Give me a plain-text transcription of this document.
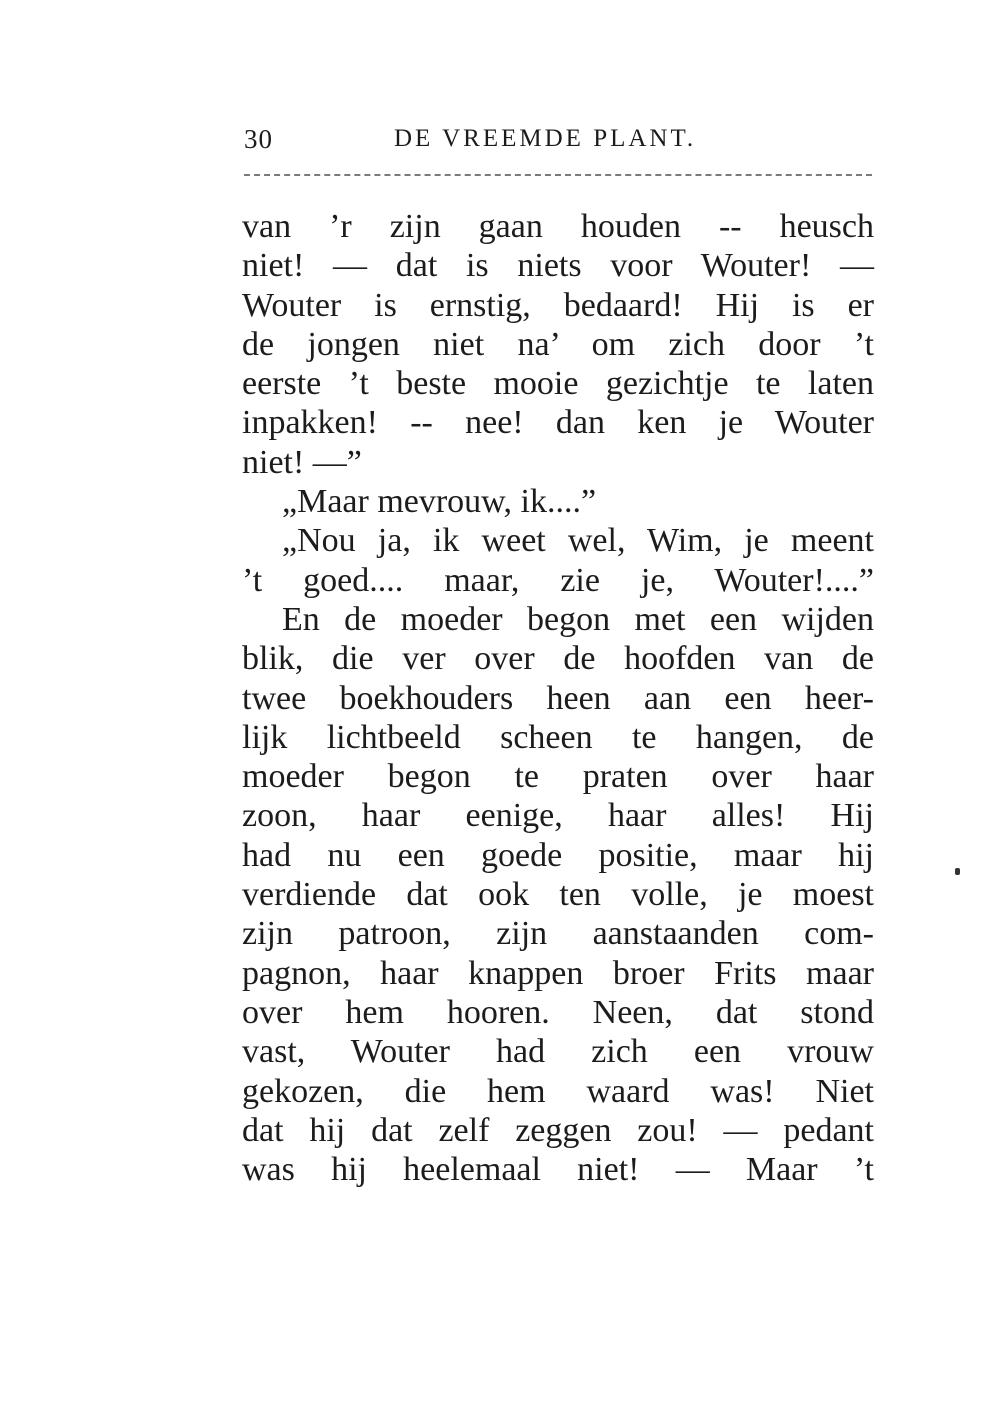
30	DE VREEMDE PLANT.
van ’r zijn gaan houden -- heusch
niet! — dat is niets voor Wouter! —
Wouter is ernstig, bedaard! Hij is er
de jongen niet na’ om zich door ’t
eerste ’t beste mooie gezichtje te laten
inpakken! -- nee! dan ken je Wouter
niet! —”
„Maar mevrouw, ik....”
„Nou ja, ik weet wel, Wim, je meent
’t goed.... maar, zie je, Wouter!....”
En de moeder begon met een wijden
blik, die ver over de hoofden van de
twee boekhouders heen aan een heer-
lijk lichtbeeld scheen te hangen, de
moeder begon te praten over haar
zoon, haar eenige, haar alles! Hij
had nu een goede positie, maar hij
verdiende dat ook ten volle, je moest
zijn patroon, zijn aanstaanden com-
pagnon, haar knappen broer Frits maar
over hem hooren. Neen, dat stond
vast, Wouter had zich een vrouw
gekozen, die hem waard was! Niet
dat hij dat zelf zeggen zou! — pedant
was hij heelemaal niet! — Maar ’t
